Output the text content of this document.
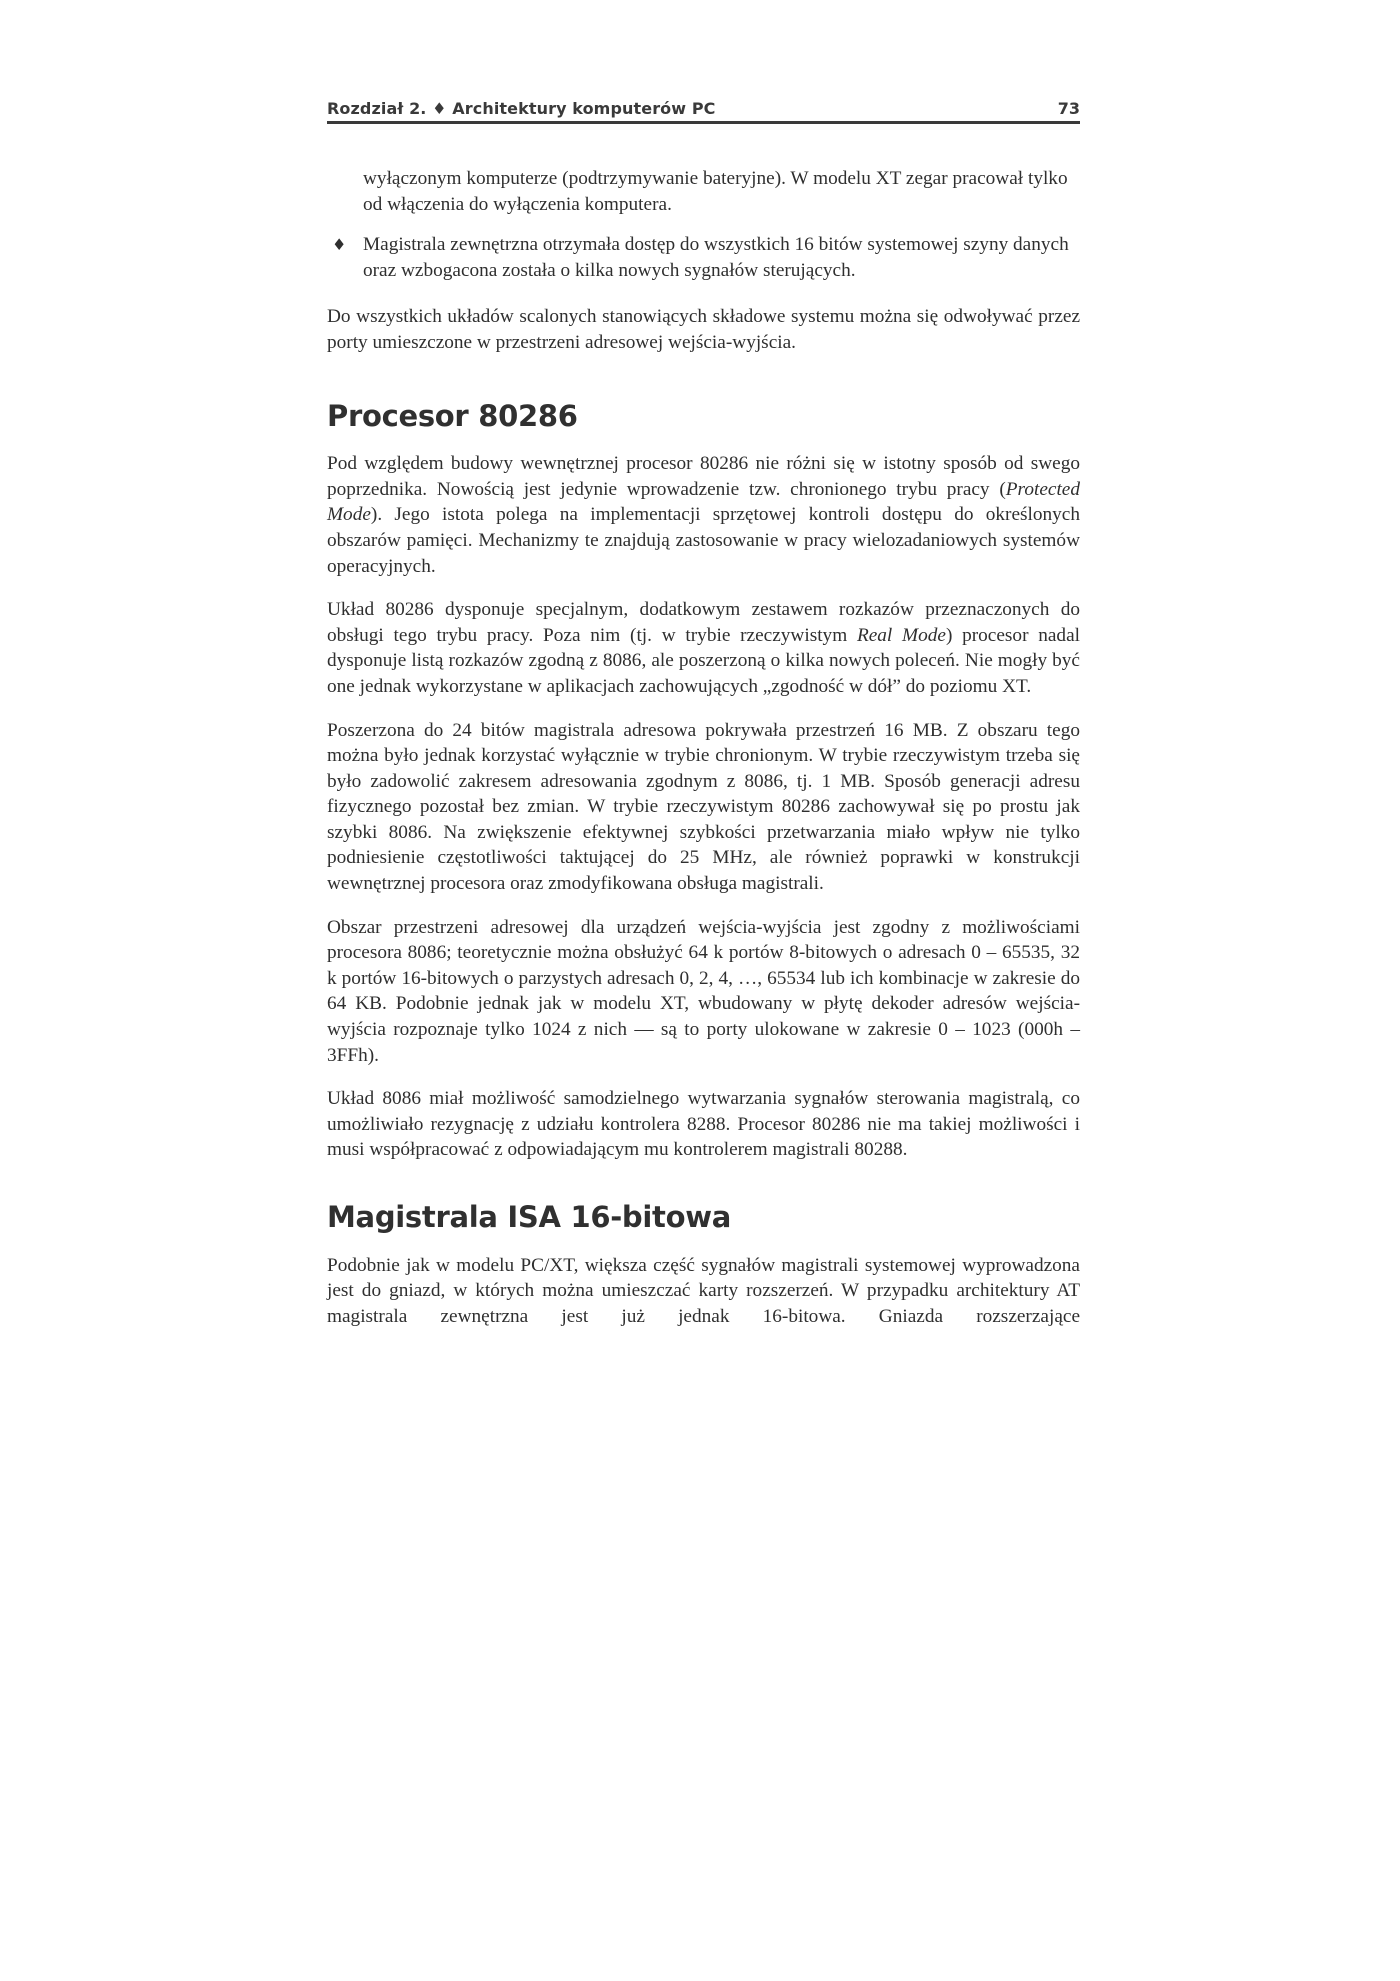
Rozdział 2. ♦ Architektury komputerów PC	73

wyłączonym komputerze (podtrzymywanie bateryjne). W modelu XT zegar pracował tylko od włączenia do wyłączenia komputera.

♦ Magistrala zewnętrzna otrzymała dostęp do wszystkich 16 bitów systemowej szyny danych oraz wzbogacona została o kilka nowych sygnałów sterujących.

Do wszystkich układów scalonych stanowiących składowe systemu można się odwoływać przez porty umieszczone w przestrzeni adresowej wejścia-wyjścia.

Procesor 80286

Pod względem budowy wewnętrznej procesor 80286 nie różni się w istotny sposób od swego poprzednika. Nowością jest jedynie wprowadzenie tzw. chronionego trybu pracy (Protected Mode). Jego istota polega na implementacji sprzętowej kontroli dostępu do określonych obszarów pamięci. Mechanizmy te znajdują zastosowanie w pracy wielozadaniowych systemów operacyjnych.

Układ 80286 dysponuje specjalnym, dodatkowym zestawem rozkazów przeznaczonych do obsługi tego trybu pracy. Poza nim (tj. w trybie rzeczywistym Real Mode) procesor nadal dysponuje listą rozkazów zgodną z 8086, ale poszerzoną o kilka nowych poleceń. Nie mogły być one jednak wykorzystane w aplikacjach zachowujących „zgodność w dół” do poziomu XT.

Poszerzona do 24 bitów magistrala adresowa pokrywała przestrzeń 16 MB. Z obszaru tego można było jednak korzystać wyłącznie w trybie chronionym. W trybie rzeczywistym trzeba się było zadowolić zakresem adresowania zgodnym z 8086, tj. 1 MB. Sposób generacji adresu fizycznego pozostał bez zmian. W trybie rzeczywistym 80286 zachowywał się po prostu jak szybki 8086. Na zwiększenie efektywnej szybkości przetwarzania miało wpływ nie tylko podniesienie częstotliwości taktującej do 25 MHz, ale również poprawki w konstrukcji wewnętrznej procesora oraz zmodyfikowana obsługa magistrali.

Obszar przestrzeni adresowej dla urządzeń wejścia-wyjścia jest zgodny z możliwościami procesora 8086; teoretycznie można obsłużyć 64 k portów 8-bitowych o adresach 0 – 65535, 32 k portów 16-bitowych o parzystych adresach 0, 2, 4, …, 65534 lub ich kombinacje w zakresie do 64 KB. Podobnie jednak jak w modelu XT, wbudowany w płytę dekoder adresów wejścia-wyjścia rozpoznaje tylko 1024 z nich — są to porty ulokowane w zakresie 0 – 1023 (000h – 3FFh).

Układ 8086 miał możliwość samodzielnego wytwarzania sygnałów sterowania magistralą, co umożliwiało rezygnację z udziału kontrolera 8288. Procesor 80286 nie ma takiej możliwości i musi współpracować z odpowiadającym mu kontrolerem magistrali 80288.

Magistrala ISA 16-bitowa

Podobnie jak w modelu PC/XT, większa część sygnałów magistrali systemowej wyprowadzona jest do gniazd, w których można umieszczać karty rozszerzeń. W przypadku architektury AT magistrala zewnętrzna jest już jednak 16-bitowa. Gniazda rozszerzające
